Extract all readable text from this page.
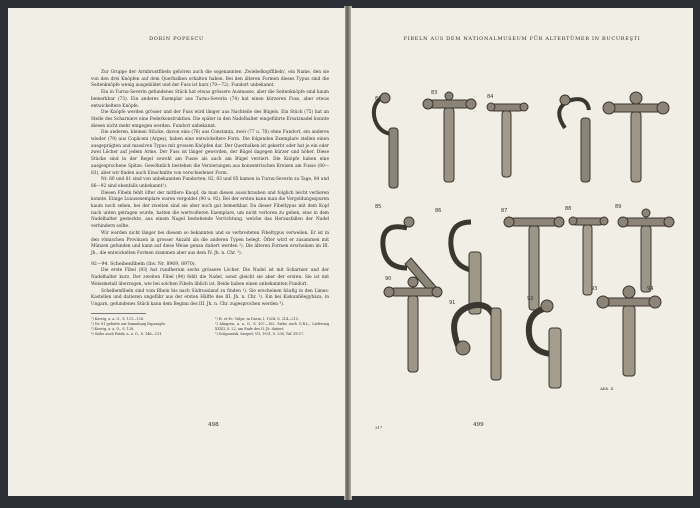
DORIN POPESCU

Zur Gruppe der Armbrustfibeln gehören auch die sogenannten ‚Zwiebelkopffibeln', ein Name, den sie von den drei Knöpfen auf dem Querbalken erhalten haben. Bei den älteren Formen dieses Typus sind die Seitenknöpfe wenig ausgebildet und der Fuss ist kurz (70—72). Fundort unbekannt.

Ein in Turnu-Severin gefundenes Stück hat etwas grössere Ausmasse, aber die Seitenknöpfe sind kaum bemerkbar (73). Ein anderes Exemplar aus Turnu-Severin (74) hat einen kürzeren Fuss, aber etwas entwickeltere Knöpfe.

Die Knöpfe werden grösser und der Fuss wird länger aus Nachteile des Bügels. Ein Stück (75) hat an Stelle des Scharniers eine Federkonstruktion. Die später in den Nadelhalter eingeführte Ersatznadel konnte diesen nicht mehr entgegen werden. Fundort unbekannt.

Die anderen, kleinen Stücke, davon eins (76) aus Constanța, zwei (77 u. 78) ohne Fundort, ein anderes wieder (79) aus Copăceni (Argeș), haben eine entwickeltere Form. Die folgenden Exemplare stellen einen ausgeprägten und massiven Typus mit grossen Knöpfen dar. Der Querbalken ist gekerbt oder hat je ein oder zwei Löcher auf jedem Arme. Der Fuss ist länger geworden, der Bügel dagegen kürzer und höher. Diese Stücke sind in der Regel sowohl am Fusse als auch am Bügel verziert. Die Knöpfe haben eine ausgesprochene Spitze. Gewöhnlich bestehen die Verzierungen aus konzentrischen Kreisen am Fusse (80—83), aber wir finden auch Einschnitte von verschiedener Form.

Nr. 80 und 81 sind von unbekannten Fundorten; 82, 83 und 85 kamen in Turnu-Severin zu Tage, 84 und 86—92 sind ebenfalls unbekannt¹).

Diesen Fibeln fehlt öfter der mittlere Knopf, da man diesen ausschrauben und folglich leicht verlieren konnte. Einige Luxusexemplare waren vergoldet (90 u. 92). Bei der ersten kann man die Vergoldungsspuren kaum noch sehen, bei der zweiten sind sie aber noch gut bemerkbar. Da dieser Fibeltypus mit dem Kopf nach unten getragen wurde, hatten die wertvolleren Exemplare, um nicht verloren zu gehen, eine in dem Nadelhalter gesteckte, aus einem Nagel bestehende Vorrichtung, welche das Herausfallen der Nadel verhindern sollte.

Wir werden nicht länger bei diesem so bekannten und so verbreiteten Fibeltypus verweilen. Er ist in den römischen Provinzen in grosser Anzahl als die anderen Typen belegt. Öfter wird er zusammen mit Münzen gefunden und kann auf diese Weise genau datiert werden ²). Die älteren Formen erscheinen im III. Jh., die entwickelten Formen stammen aber aus dem IV. Jh. n. Chr. ³).

92—94. Scheibenfibeln (Inv. Nr. 8969, 8970).

Die erste Fibel (93) hat rundherum sechs grössere Löcher. Die Nadel ist mit Scharnier und der Nadelhalter kurz. Der zweiten Fibel (94) fehlt die Nadel, sonst gleicht sie aber der ersten. Sie ist mit Weissmetall überzogen, wie bei solchen Fibeln üblich ist. Beide haben einen unbekannten Fundort.

Scheibenfibeln sind vom Rhein bis nach Südrussland zu finden ¹). Sie erscheinen häufig in den Limes-Kastellen und datieren ungefähr aus der ersten Hälfte des III. Jh. n. Chr. ²). Ein bei Kiskunfélegyháza, in Ungarn, gefundenes Stück kann dem Beginn des III. Jh. n. Chr. zugesprochen werden ³).

¹) Kovrig, a. a. O., S. 121—128.
²) Nr. 81 gehörte zur Sammlung Papazoglu.
³) Kovrig, a. a. O., S. 128.
⁴) Siehe auch Patek, a. a. O., S. 146—151.
¹) H. et Ec. Vulpe, in Dacia, I, 1924, S. 214—215.
²) Almgren, a. a. O., S. 107—162. Siehe auch O.R.L., Lieferung XXXII, S. 22, am Ende des II. Jh. datiert.
³) Dolgozatok, Szeged, VII, 1931, S. 208, Taf. XV:17.
498
FIBELN AUS DEM NATIONALMUSEUM FÜR ALTERTÜMER IN BUCUREŞTI
82
83
84
85
86	87	88	89
90
91
92
93	94
Abb. 4.
31*	499
